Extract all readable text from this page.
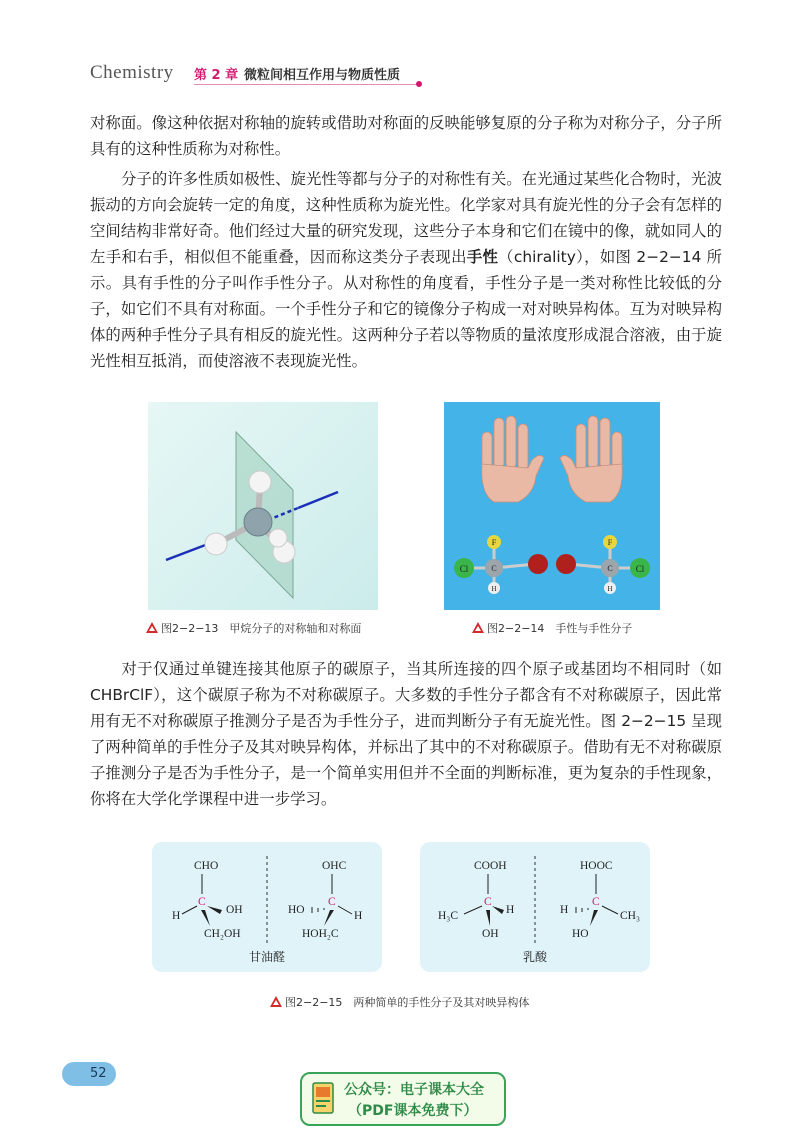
Chemistry 第 2 章 微粒间相互作用与物质性质

对称面。像这种依据对称轴的旋转或借助对称面的反映能够复原的分子称为对称分子，分子所具有的这种性质称为对称性。

分子的许多性质如极性、旋光性等都与分子的对称性有关。在光通过某些化合物时，光波振动的方向会旋转一定的角度，这种性质称为旋光性。化学家对具有旋光性的分子会有怎样的空间结构非常好奇。他们经过大量的研究发现，这些分子本身和它们在镜中的像，就如同人的左手和右手，相似但不能重叠，因而称这类分子表现出手性（chirality），如图 2−2−14 所示。具有手性的分子叫作手性分子。从对称性的角度看，手性分子是一类对称性比较低的分子，如它们不具有对称面。一个手性分子和它的镜像分子构成一对对映异构体。互为对映异构体的两种手性分子具有相反的旋光性。这两种分子若以等物质的量浓度形成混合溶液，由于旋光性相互抵消，而使溶液不表现旋光性。

图2−2−13　甲烷分子的对称轴和对称面
Cl
F
C
H
Cl
F
C
H
图2−2−14　手性与手性分子

对于仅通过单键连接其他原子的碳原子，当其所连接的四个原子或基团均不相同时（如 CHBrClF），这个碳原子称为不对称碳原子。大多数的手性分子都含有不对称碳原子，因此常用有无不对称碳原子推测分子是否为手性分子，进而判断分子有无旋光性。图 2−2−15 呈现了两种简单的手性分子及其对映异构体，并标出了其中的不对称碳原子。借助有无不对称碳原子推测分子是否为手性分子，是一个简单实用但并不全面的判断标准，更为复杂的手性现象，你将在大学化学课程中进一步学习。

CHO
C
H	OH
CH₂OH
OHC
C
HO	H
HOH₂C
甘油醛
COOH
C
H₃C	H
OH
HOOC
C
H	CH₃
HO
乳酸
图2−2−15　两种简单的手性分子及其对映异构体
52
公众号：电子课本大全
（PDF课本免费下）
